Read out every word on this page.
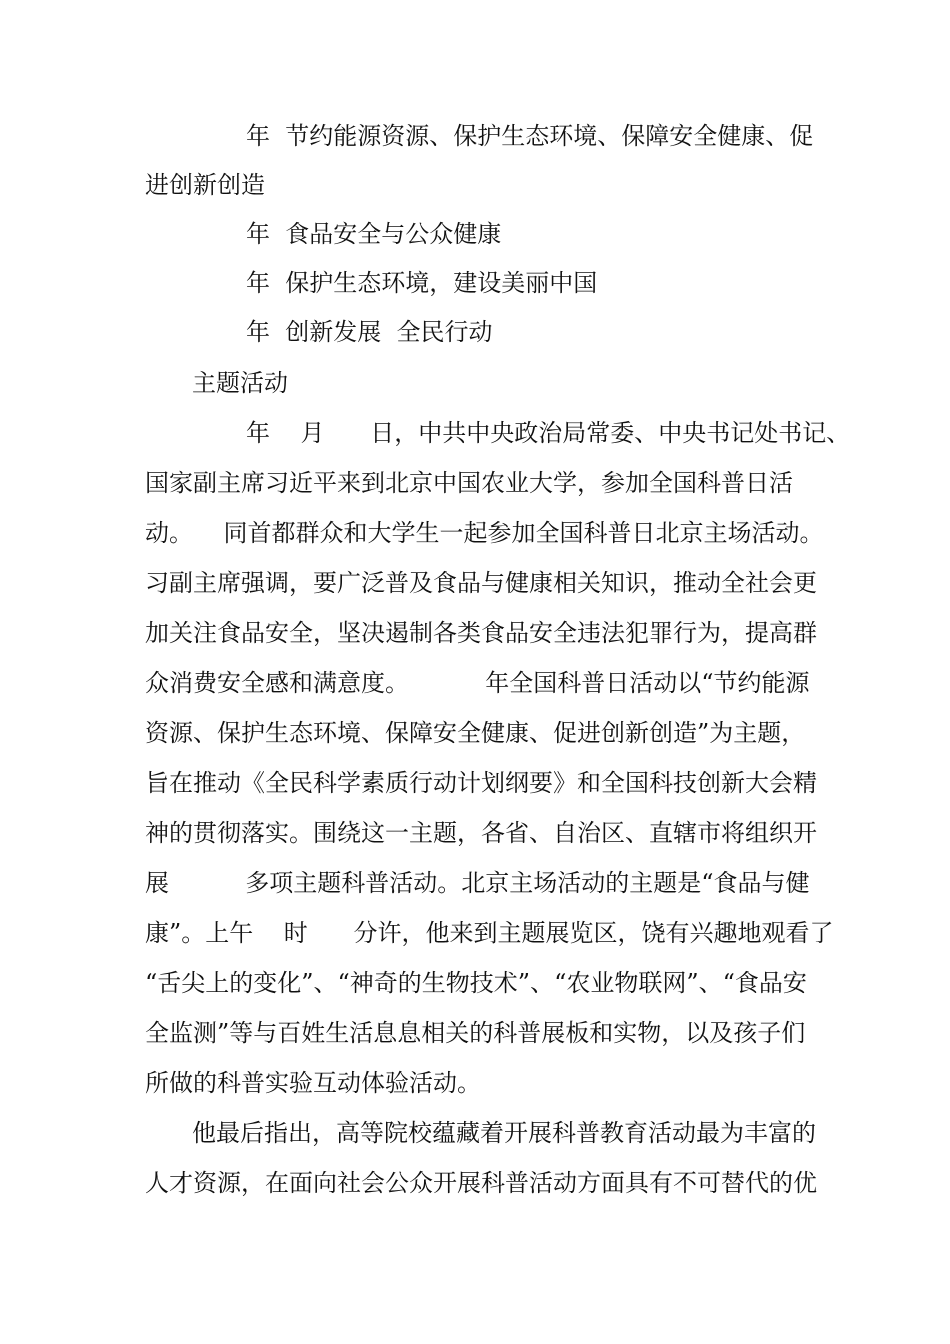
年  节约能源资源、保护生态环境、保障安全健康、促
进创新创造
年  食品安全与公众健康
年  保护生态环境，建设美丽中国
年  创新发展  全民行动
主题活动
年    月      日，中共中央政治局常委、中央书记处书记、
国家副主席习近平来到北京中国农业大学，参加全国科普日活
动。    同首都群众和大学生一起参加全国科普日北京主场活动。
习副主席强调，要广泛普及食品与健康相关知识，推动全社会更
加关注食品安全，坚决遏制各类食品安全违法犯罪行为，提高群
众消费安全感和满意度。          年全国科普日活动以“节约能源
资源、保护生态环境、保障安全健康、促进创新创造”为主题，
旨在推动《全民科学素质行动计划纲要》和全国科技创新大会精
神的贯彻落实。围绕这一主题，各省、自治区、直辖市将组织开
展          多项主题科普活动。北京主场活动的主题是“食品与健
康”。上午    时      分许，他来到主题展览区，饶有兴趣地观看了
“舌尖上的变化”、“神奇的生物技术”、“农业物联网”、“食品安
全监测”等与百姓生活息息相关的科普展板和实物，以及孩子们
所做的科普实验互动体验活动。
他最后指出，高等院校蕴藏着开展科普教育活动最为丰富的
人才资源，在面向社会公众开展科普活动方面具有不可替代的优
